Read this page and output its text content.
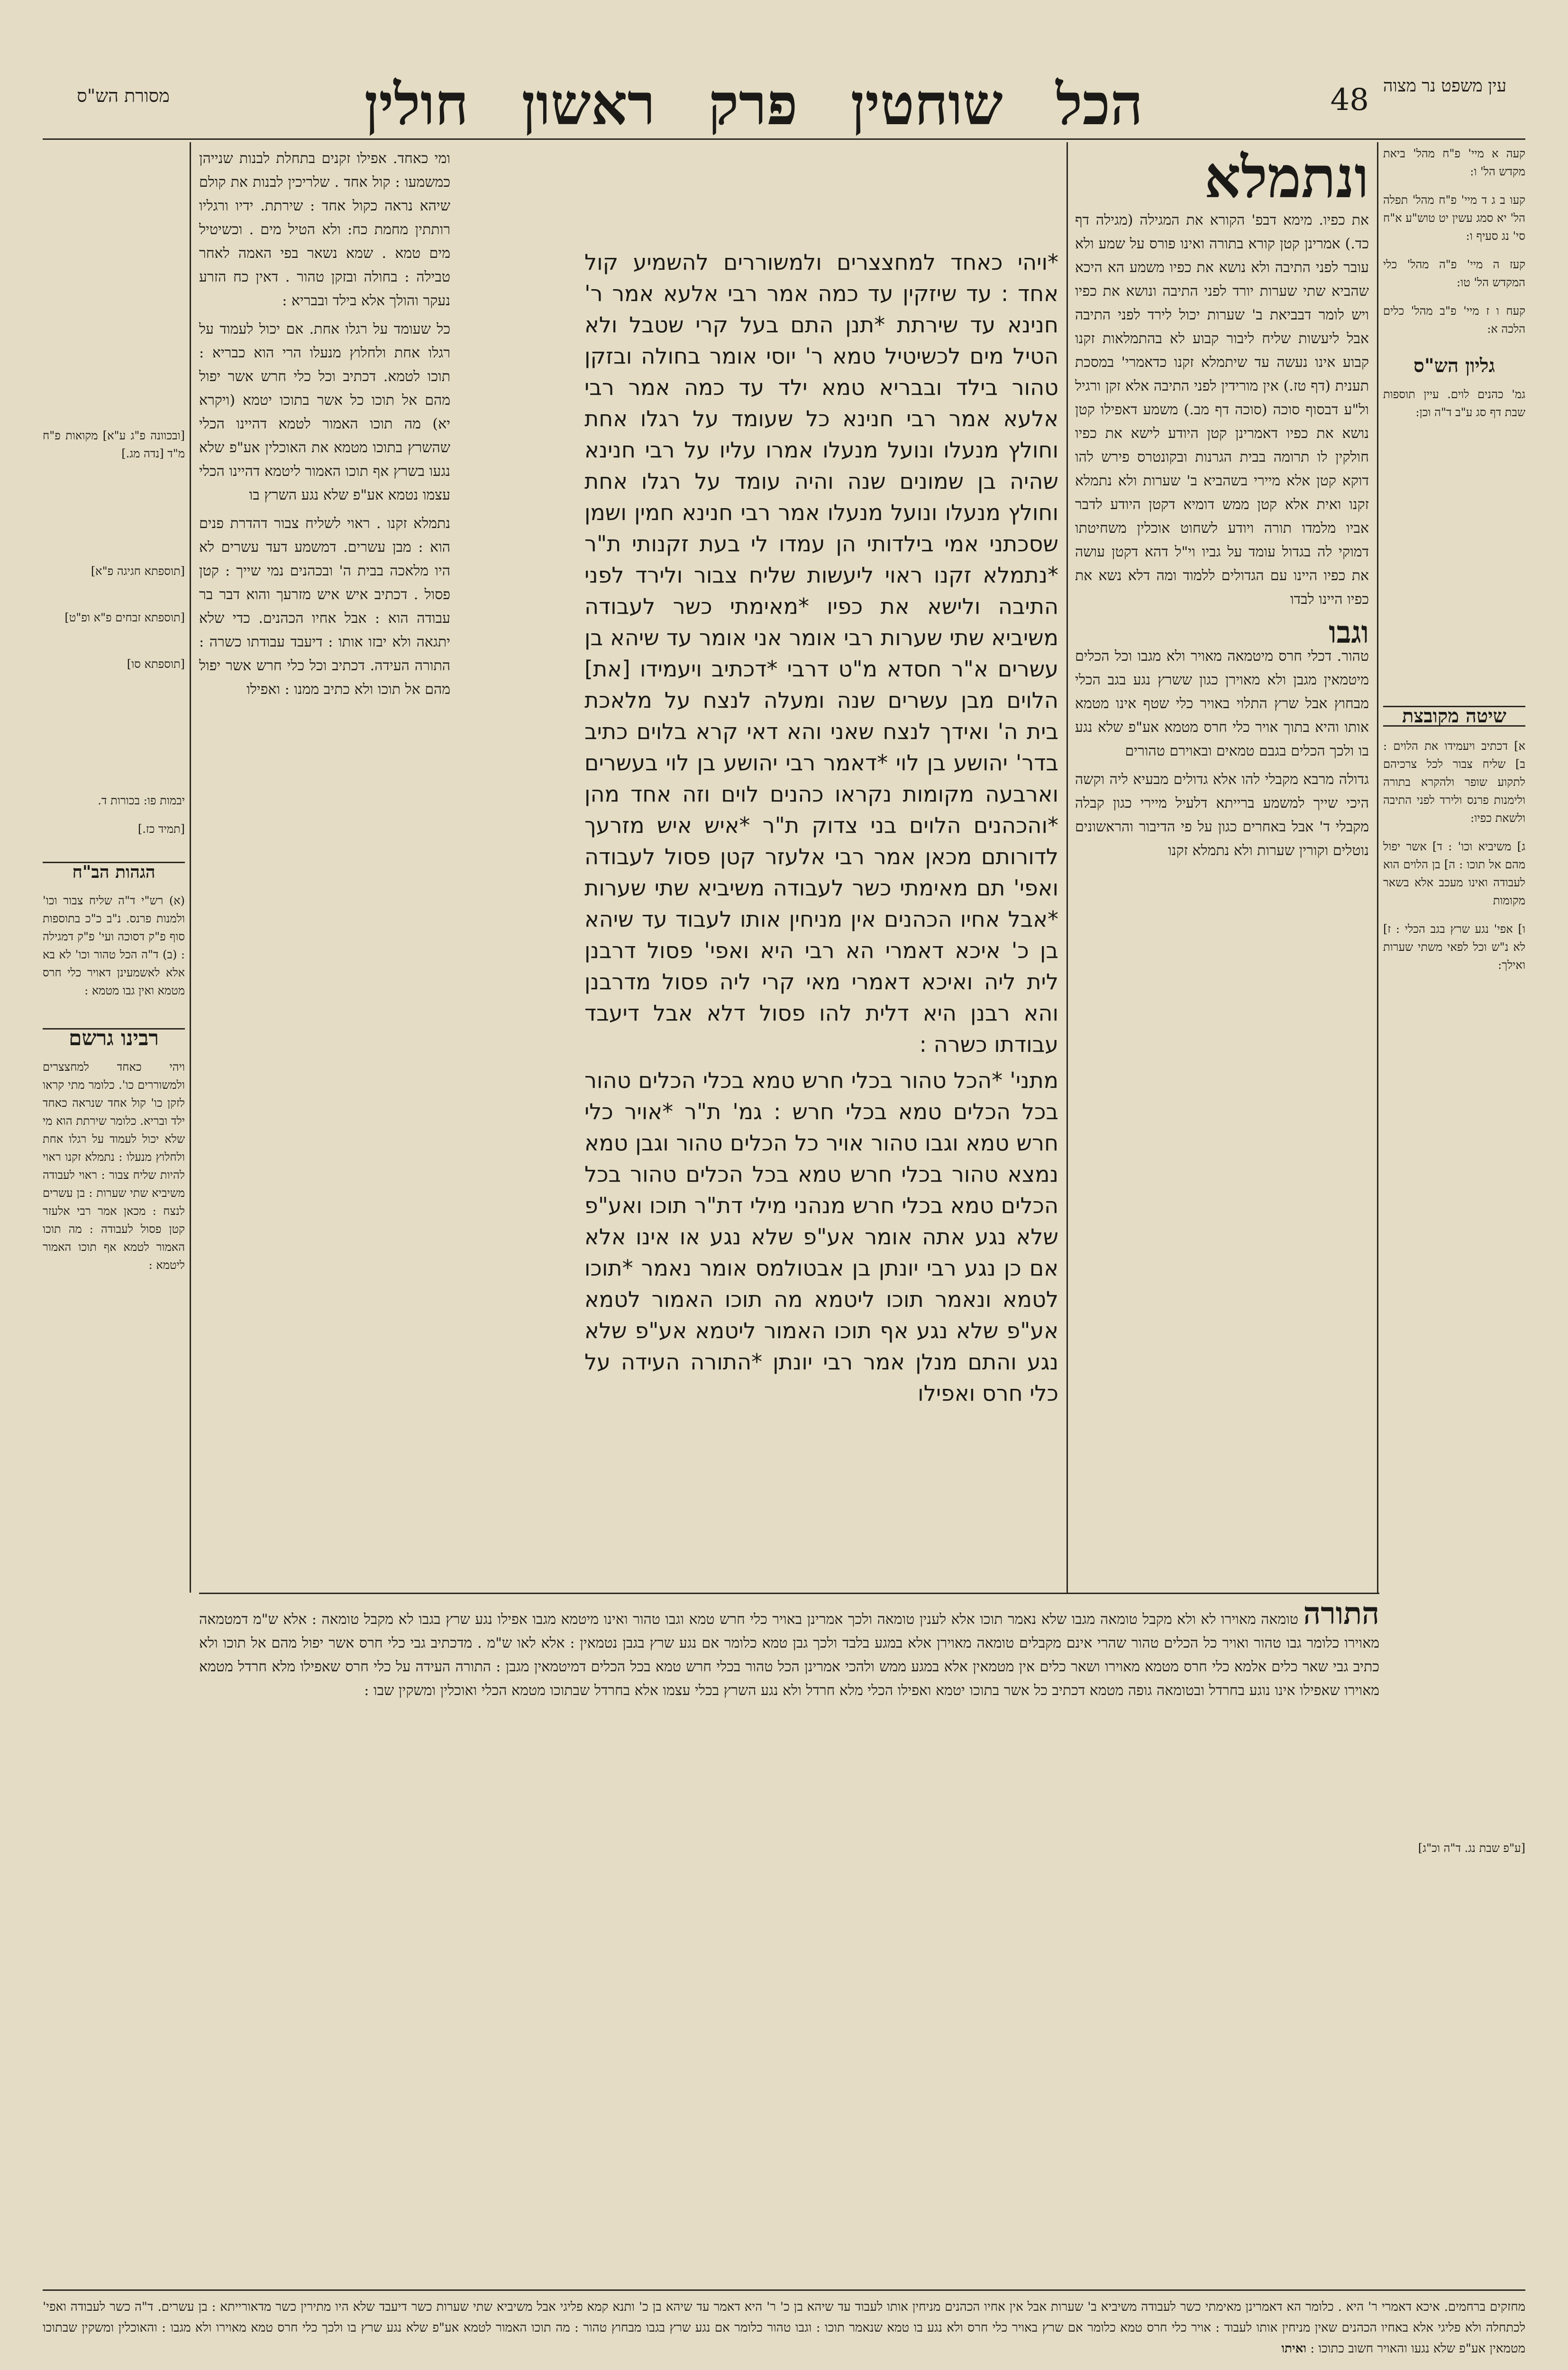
עין משפט נר מצוה
48
הכל שוחטין פרק ראשון חולין
מסורת הש"ס
קעה א מיי' פ"ח מהל' ביאת מקדש הל' ו:
קעו ב ג ד מיי' פ"ח מהל' תפלה הל' יא סמג עשין יט טוש"ע א"ח סי' נג סעיף ו:
קעז ה מיי' פ"ה מהל' כלי המקדש הל' טו:
קעח ו ז מיי' פ"ב מהל' כלים הלכה א:
גליון הש"ס
גמ' כהנים לוים. עיין תוספות שבת דף סג ע"ב ד"ה וכן:
שיטה מקובצת
א] דכתיב ויעמידו את הלוים : ב] שליח צבור לכל צרכיהם לתקוע שופר ולהקרא בתורה ולימנות פרנס ולירד לפני התיבה ולשאת כפיו:
ג] משיביא וכו' : ד] אשר יפול מהם אל תוכו : ה] בן הלוים הוא לעבודה ואינו מעכב אלא בשאר מקומות
ו] אפי' נגע שרץ בגב הכלי : ז] לא נ"ש וכל לפאי משתי שערות ואילך:
ונתמלא

את כפיו. מימא דבפ' הקורא את המגילה (מגילה דף כד.) אמרינן קטן קורא בתורה ואינו פורס על שמע ולא עובר לפני התיבה ולא נושא את כפיו משמע הא היכא שהביא שתי שערות יורד לפני התיבה ונושא את כפיו ויש לומר דבביאת ב' שערות יכול לירד לפני התיבה אבל ליעשות שליח ליבור קבוע לא בהתמלאות זקנו קבוע אינו נעשה עד שיתמלא זקנו כדאמרי' במסכת תענית (דף טז.) אין מורידין לפני התיבה אלא זקן ורגיל ול"ע דבסוף סוכה (סוכה דף מב.) משמע דאפילו קטן נושא את כפיו דאמרינן קטן היודע לישא את כפיו חולקין לו תרומה בבית הגרנות ובקונטרס פירש להו דוקא קטן אלא מיירי בשהביא ב' שערות ולא נתמלא זקנו ואית אלא קטן ממש דומיא דקטן היודע לדבר אביו מלמדו תורה ויודע לשחוט אוכלין משחיטתו דמוקי לה בגדול עומד על גביו וי"ל דהא דקטן עושה את כפיו היינו עם הגדולים ללמוד ומה דלא נשא את כפיו היינו לבדו

וגבו

טהור. דכלי חרס מיטמאה מאויר ולא מגבו וכל הכלים מיטמאין מגבן ולא מאוירן כגון ששרץ נגע בגב הכלי מבחוץ אבל שרץ התלוי באויר כלי שטף אינו מטמא אותו והיא בתוך אויר כלי חרס מטמא אע"פ שלא נגע בו ולכך הכלים בגבם טמאים ובאוירם טהורים

גדולה מרבא מקבלי להו אלא גדולים מבעיא ליה וקשה היכי שייך למשמע ברייתא דלעיל מיירי כגון קבלה מקבלי ד' אבל באחרים כגון על פי הדיבור והראשונים נוטלים וקורין שערות ולא נתמלא זקנו

*ויהי כאחד למחצצרים ולמשוררים להשמיע קול אחד : עד שיזקין עד כמה אמר רבי אלעא אמר ר' חנינא עד שירתת *תנן התם בעל קרי שטבל ולא הטיל מים לכשיטיל טמא ר' יוסי אומר בחולה ובזקן טהור בילד ובבריא טמא ילד עד כמה אמר רבי אלעא אמר רבי חנינא כל שעומד על רגלו אחת וחולץ מנעלו ונועל מנעלו אמרו עליו על רבי חנינא שהיה בן שמונים שנה והיה עומד על רגלו אחת וחולץ מנעלו ונועל מנעלו אמר רבי חנינא חמין ושמן שסכתני אמי בילדותי הן עמדו לי בעת זקנותי ת"ר *נתמלא זקנו ראוי ליעשות שליח צבור ולירד לפני התיבה ולישא את כפיו *מאימתי כשר לעבודה משיביא שתי שערות רבי אומר אני אומר עד שיהא בן עשרים א"ר חסדא מ"ט דרבי *דכתיב ויעמידו [את] הלוים מבן עשרים שנה ומעלה לנצח על מלאכת בית ה' ואידך לנצח שאני והא דאי קרא בלוים כתיב בדר' יהושע בן לוי *דאמר רבי יהושע בן לוי בעשרים וארבעה מקומות נקראו כהנים לוים וזה אחד מהן *והכהנים הלוים בני צדוק ת"ר *איש איש מזרעך לדורותם מכאן אמר רבי אלעזר קטן פסול לעבודה ואפי' תם מאימתי כשר לעבודה משיביא שתי שערות *אבל אחיו הכהנים אין מניחין אותו לעבוד עד שיהא בן כ' איכא דאמרי הא רבי היא ואפי' פסול דרבנן לית ליה ואיכא דאמרי מאי קרי ליה פסול מדרבנן והא רבנן היא דלית להו פסול דלא אבל דיעבד עבודתו כשרה :

מתני' *הכל טהור בכלי חרש טמא בכלי הכלים טהור בכל הכלים טמא בכלי חרש : גמ' ת"ר *אויר כלי חרש טמא וגבו טהור אויר כל הכלים טהור וגבן טמא נמצא טהור בכלי חרש טמא בכל הכלים טהור בכל הכלים טמא בכלי חרש מנהני מילי דת"ר תוכו ואע"פ שלא נגע אתה אומר אע"פ שלא נגע או אינו אלא אם כן נגע רבי יונתן בן אבטולמס אומר נאמר *תוכו לטמא ונאמר תוכו ליטמא מה תוכו האמור לטמא אע"פ שלא נגע אף תוכו האמור ליטמא אע"פ שלא נגע והתם מנלן אמר רבי יונתן *התורה העידה על כלי חרס ואפילו

ומי כאחד. אפילו זקנים בתחלת לבנות שנייהן כמשמעו : קול אחד . שלריכין לבנות את קולם שיהא נראה כקול אחד : שירתת. ידיו ורגליו רותתין מחמת כח: ולא הטיל מים . וכשיטיל מים טמא . שמא נשאר בפי האמה לאחר טבילה : בחולה ובזקן טהור . דאין כח הזרע נעקר והולך אלא בילד ובבריא :

כל שעומד על רגלו אחת. אם יכול לעמוד על רגלו אחת ולחלוץ מנעלו הרי הוא כבריא : תוכו לטמא. דכתיב וכל כלי חרש אשר יפול מהם אל תוכו כל אשר בתוכו יטמא (ויקרא יא) מה תוכו האמור לטמא דהיינו הכלי שהשרץ בתוכו מטמא את האוכלין אע"פ שלא נגעו בשרץ אף תוכו האמור ליטמא דהיינו הכלי עצמו נטמא אע"פ שלא נגע השרץ בו

נתמלא זקנו . ראוי לשליח צבור דהדרת פנים הוא : מבן עשרים. דמשמע דעד עשרים לא היו מלאכה בבית ה' ובכהנים נמי שייך : קטן פסול . דכתיב איש איש מזרעך והוא דבר בר עבודה הוא : אבל אחיו הכהנים. כדי שלא יתגאה ולא יבזו אותו : דיעבד עבודתו כשרה : התורה העידה. דכתיב וכל כלי חרש אשר יפול מהם אל תוכו ולא כתיב ממנו : ואפילו

[ובכוונה פ"ג ע"א] מקואות פ"ח מ"ד [נדה מג.]
[תוספתא חגיגה פ"א]
[תוספתא זבחים פ"א ופ"ט]
[תוספתא סו]
יבמות פו: בכורות ד.
[תמיד כז.]
הגהות הב"ח
(א) רש"י ד"ה שליח צבור וכו' ולמנות פרנס. נ"ב כ"כ בתוספות סוף פ"ק דסוכה ועי' פ"ק דמגילה : (ב) ד"ה הכל טהור וכו' לא בא אלא לאשמעינן דאויר כלי חרס מטמא ואין גבו מטמא :
רבינו גרשם
ויהי כאחד למחצצרים ולמשוררים כו'. כלומר מתי קראו לזקן כו' קול אחד שנראה כאחד ילד ובריא. כלומר שירתת הוא מי שלא יכול לעמוד על רגלו אחת ולחלוץ מנעלו : נתמלא זקנו ראוי להיות שליח צבור : ראוי לעבודה משיביא שתי שערות : בן עשרים לנצח : מכאן אמר רבי אלעזר קטן פסול לעבודה : מה תוכו האמור לטמא אף תוכו האמור ליטמא :
התורה טומאה מאוירו לא ולא מקבל טומאה מגבו שלא נאמר תוכו אלא לענין טומאה ולכך אמרינן באויר כלי חרש טמא וגבו טהור ואינו מיטמא מגבו אפילו נגע שרץ בגבו לא מקבל טומאה : אלא ש"מ דמטמאה מאוירו כלומר גבו טהור ואויר כל הכלים טהור שהרי אינם מקבלים טומאה מאוירן אלא במגע בלבד ולכך גבן טמא כלומר אם נגע שרץ בגבן נטמאין : אלא לאו ש"מ . מדכתיב גבי כלי חרס אשר יפול מהם אל תוכו ולא כתיב גבי שאר כלים אלמא כלי חרס מטמא מאוירו ושאר כלים אין מטמאין אלא במגע ממש ולהכי אמרינן הכל טהור בכלי חרש טמא בכל הכלים דמיטמאין מגבן : התורה העידה על כלי חרס שאפילו מלא חרדל מטמא מאוירו שאפילו אינו נוגע בחרדל ובטומאה גופה מטמא דכתיב כל אשר בתוכו יטמא ואפילו הכלי מלא חרדל ולא נגע השרץ בכלי עצמו אלא בחרדל שבתוכו מטמא הכלי ואוכלין ומשקין שבו :
[ע"פ שבת נג. ד"ה וכ"ג]
מחזקים ברחמים. איכא דאמרי ר' היא . כלומר הא דאמרינן מאימתי כשר לעבודה משיביא ב' שערות אבל אין אחיו הכהנים מניחין אותו לעבוד עד שיהא בן כ' ר' היא דאמר עד שיהא בן כ' ותנא קמא פליגי אבל משיביא שתי שערות כשר דיעבד שלא היו מתירין כשר מדאורייתא : בן עשרים. ד"ה כשר לעבודה ואפי' לכתחלה ולא פליגי אלא באחיו הכהנים שאין מניחין אותו לעבוד : אויר כלי חרס טמא כלומר אם שרץ באויר כלי חרס ולא נגע בו טמא שנאמר תוכו : וגבו טהור כלומר אם נגע שרץ בגבו מבחוץ טהור : מה תוכו האמור לטמא אע"פ שלא נגע שרץ בו ולכך כלי חרס טמא מאוירו ולא מגבו : והאוכלין ומשקין שבתוכו מטמאין אע"פ שלא נגעו והאויר חשוב כתוכו : ואיתו
